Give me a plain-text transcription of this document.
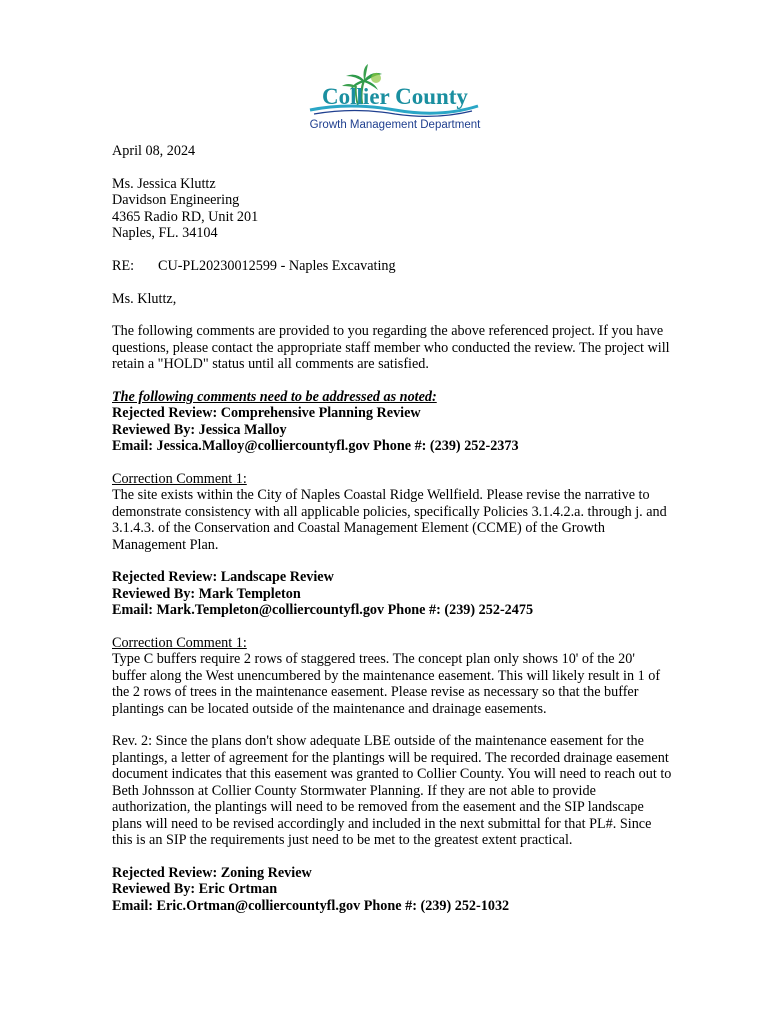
Collier County
Growth Management Department

April 08, 2024

Ms. Jessica Kluttz

Davidson Engineering

4365 Radio RD, Unit 201

Naples, FL. 34104

RE: CU-PL20230012599 - Naples Excavating

Ms. Kluttz,

The following comments are provided to you regarding the above referenced project. If you have questions, please contact the appropriate staff member who conducted the review. The project will retain a "HOLD" status until all comments are satisfied.

The following comments need to be addressed as noted:

Rejected Review: Comprehensive Planning Review

Reviewed By: Jessica Malloy

Email: Jessica.Malloy@colliercountyfl.gov Phone #: (239) 252-2373

Correction Comment 1:

The site exists within the City of Naples Coastal Ridge Wellfield. Please revise the narrative to demonstrate consistency with all applicable policies, specifically Policies 3.1.4.2.a. through j. and 3.1.4.3. of the Conservation and Coastal Management Element (CCME) of the Growth Management Plan.

Rejected Review: Landscape Review

Reviewed By: Mark Templeton

Email: Mark.Templeton@colliercountyfl.gov Phone #: (239) 252-2475

Correction Comment 1:

Type C buffers require 2 rows of staggered trees. The concept plan only shows 10' of the 20' buffer along the West unencumbered by the maintenance easement. This will likely result in 1 of the 2 rows of trees in the maintenance easement. Please revise as necessary so that the buffer plantings can be located outside of the maintenance and drainage easements.

Rev. 2: Since the plans don't show adequate LBE outside of the maintenance easement for the plantings, a letter of agreement for the plantings will be required. The recorded drainage easement document indicates that this easement was granted to Collier County. You will need to reach out to Beth Johnsson at Collier County Stormwater Planning. If they are not able to provide authorization, the plantings will need to be removed from the easement and the SIP landscape plans will need to be revised accordingly and included in the next submittal for that PL#. Since this is an SIP the requirements just need to be met to the greatest extent practical.

Rejected Review: Zoning Review

Reviewed By: Eric Ortman

Email: Eric.Ortman@colliercountyfl.gov Phone #: (239) 252-1032
